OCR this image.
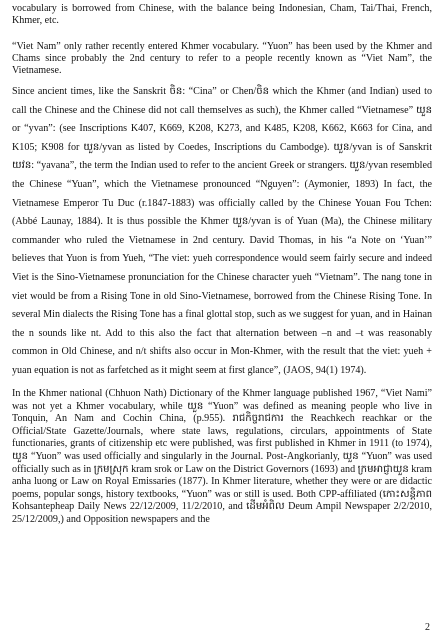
vocabulary is borrowed from Chinese, with the balance being Indonesian, Cham, Tai/Thai, French, Khmer, etc.

“Viet Nam” only rather recently entered Khmer vocabulary. “Yuon” has been used by the Khmer and Chams since probably the 2nd century to refer to a people recently known as “Viet Nam”, the Vietnamese.

Since ancient times, like the Sanskrit ចិន: “Cina” or Chen/ចិន which the Khmer (and Indian) used to call the Chinese and the Chinese did not call themselves as such), the Khmer called “Vietnamese” យួន or “yvan”: (see Inscriptions K407, K669, K208, K273, and K485, K208, K662, K663 for Cina, and K105; K908 for យួន/yvan as listed by Coedes, Inscriptions du Cambodge). យួន/yvan is of Sanskrit យវន: “yavana”, the term the Indian used to refer to the ancient Greek or strangers. យួន/yvan resembled the Chinese “Yuan”, which the Vietnamese pronounced “Nguyen”: (Aymonier, 1893) In fact, the Vietnamese Emperor Tu Duc (r.1847-1883) was officially called by the Chinese Youan Fou Tchen: (Abbé Launay, 1884). It is thus possible the Khmer យួន/yvan is of Yuan (Ma), the Chinese military commander who ruled the Vietnamese in 2nd century. David Thomas, in his “a Note on ‘Yuan’” believes that Yuon is from Yueh, “The viet: yueh correspondence would seem fairly secure and indeed Viet is the Sino-Vietnamese pronunciation for the Chinese character yueh “Vietnam”. The nang tone in viet would be from a Rising Tone in old Sino-Vietnamese, borrowed from the Chinese Rising Tone. In several Min dialects the Rising Tone has a final glottal stop, such as we suggest for yuan, and in Hainan the n sounds like nt. Add to this also the fact that alternation between –n and –t was reasonably common in Old Chinese, and n/t shifts also occur in Mon-Khmer, with the result that the viet: yueh + yuan equation is not as farfetched as it might seem at first glance”, (JAOS, 94(1) 1974).

In the Khmer national (Chhuon Nath) Dictionary of the Khmer language published 1967, “Viet Nami” was not yet a Khmer vocabulary, while យួន “Yuon” was defined as meaning people who live in Tonquin, An Nam and Cochin China, (p.955). រាជកិច្ចរាជការ the Reachkech reachkar or the Official/State Gazette/Journals, where state laws, regulations, circulars, appointments of State functionaries, grants of citizenship etc were published, was first published in Khmer in 1911 (to 1974), យួន “Yuon” was used officially and singularly in the Journal. Post-Angkorianly, យួន “Yuon” was used officially such as in ក្រមស្រុក kram srok or Law on the District Governors (1693) and ក្រមអាជ្ញាយួន kram anha luong or Law on Royal Emissaries (1877). In Khmer literature, whether they were or are didactic poems, popular songs, history textbooks, “Yuon” was or still is used. Both CPP-affiliated (កោះសន្តិភាព Kohsantepheap Daily News 22/12/2009, 11/2/2010, and ដើមអំពិល Deum Ampil Newspaper 2/2/2010, 25/12/2009,) and Opposition newspapers and the

2
